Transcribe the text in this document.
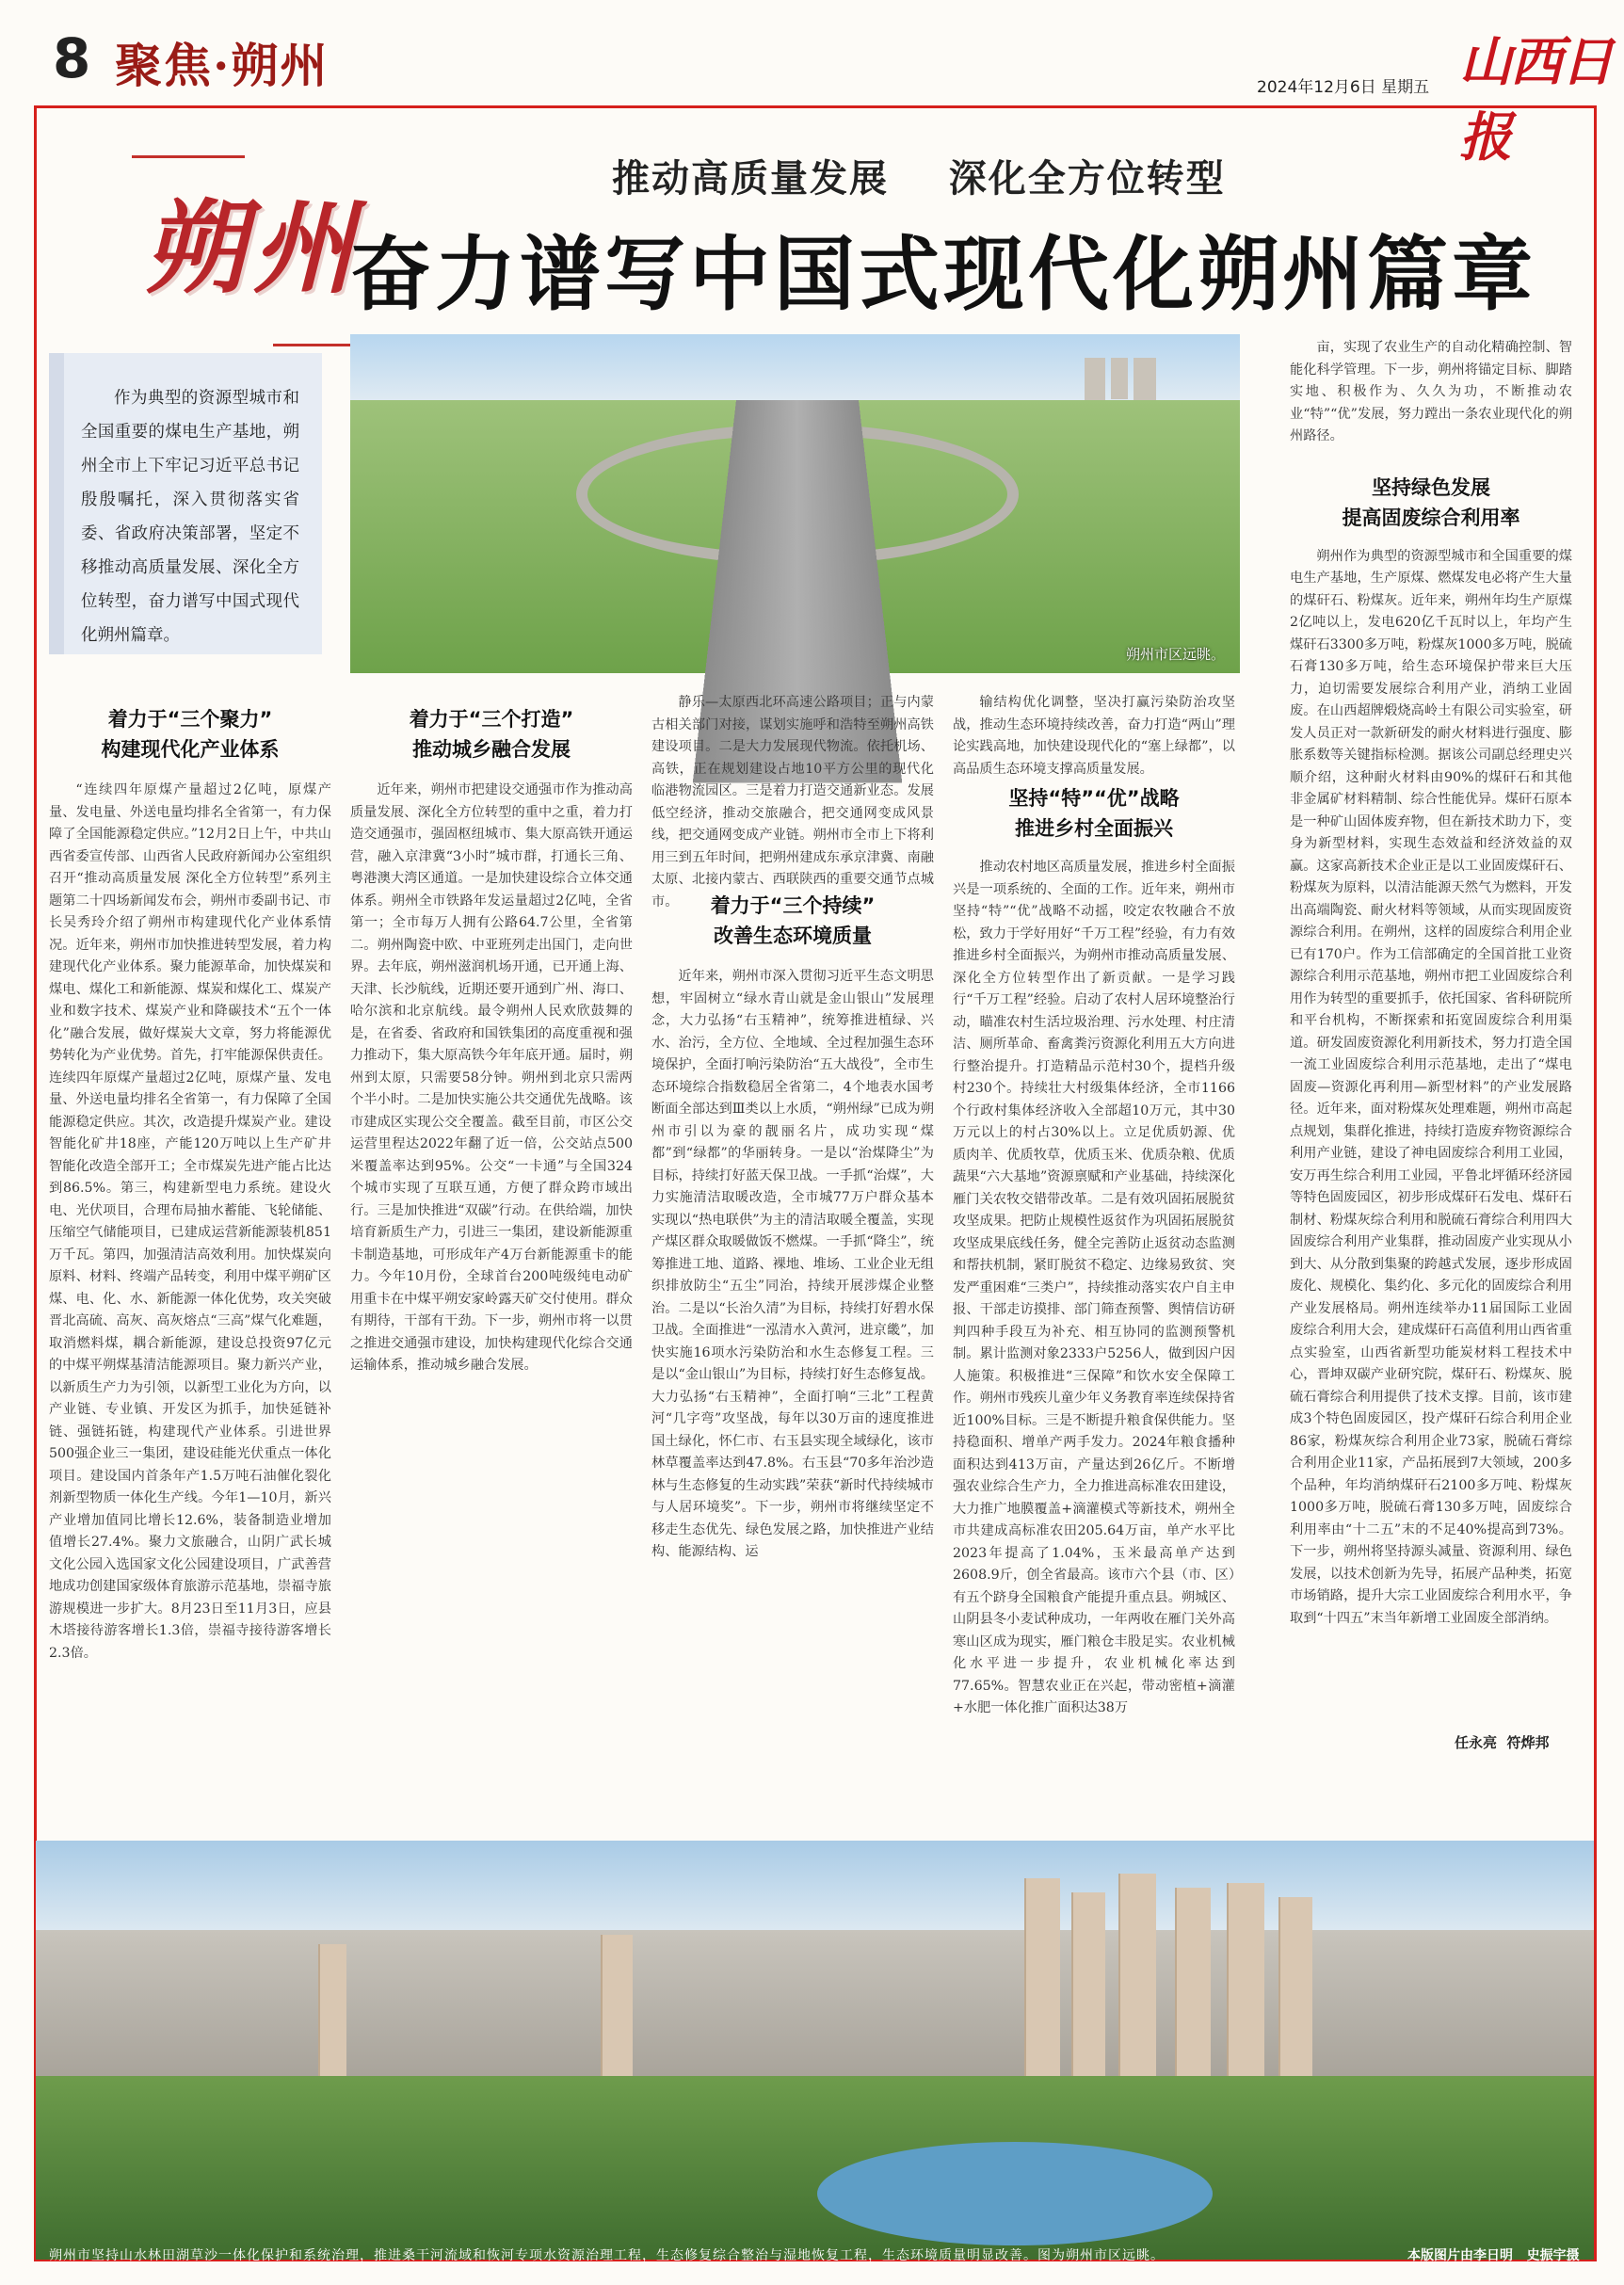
8 聚焦·朔州	2024年12月6日 星期五 山西日报
朔州
推动高质量发展    深化全方位转型
奋力谱写中国式现代化朔州篇章

作为典型的资源型城市和全国重要的煤电生产基地，朔州全市上下牢记习近平总书记殷殷嘱托，深入贯彻落实省委、省政府决策部署，坚定不移推动高质量发展、深化全方位转型，奋力谱写中国式现代化朔州篇章。

朔州市区远眺。
着力于“三个聚力”
构建现代化产业体系

“连续四年原煤产量超过2亿吨，原煤产量、发电量、外送电量均排名全省第一，有力保障了全国能源稳定供应。”12月2日上午，中共山西省委宣传部、山西省人民政府新闻办公室组织召开“推动高质量发展 深化全方位转型”系列主题第二十四场新闻发布会，朔州市委副书记、市长吴秀玲介绍了朔州市构建现代化产业体系情况。近年来，朔州市加快推进转型发展，着力构建现代化产业体系。聚力能源革命，加快煤炭和煤电、煤化工和新能源、煤炭和煤化工、煤炭产业和数字技术、煤炭产业和降碳技术“五个一体化”融合发展，做好煤炭大文章，努力将能源优势转化为产业优势。首先，打牢能源保供责任。连续四年原煤产量超过2亿吨，原煤产量、发电量、外送电量均排名全省第一，有力保障了全国能源稳定供应。其次，改造提升煤炭产业。建设智能化矿井18座，产能120万吨以上生产矿井智能化改造全部开工；全市煤炭先进产能占比达到86.5%。第三，构建新型电力系统。建设火电、光伏项目，合理布局抽水蓄能、飞轮储能、压缩空气储能项目，已建成运营新能源装机851万千瓦。第四，加强清洁高效利用。加快煤炭向原料、材料、终端产品转变，利用中煤平朔矿区煤、电、化、水、新能源一体化优势，攻关突破晋北高硫、高灰、高灰熔点“三高”煤气化难题，取消燃料煤，耦合新能源，建设总投资97亿元的中煤平朔煤基清洁能源项目。聚力新兴产业，以新质生产力为引领，以新型工业化为方向，以产业链、专业镇、开发区为抓手，加快延链补链、强链拓链，构建现代产业体系。引进世界500强企业三一集团，建设硅能光伏重点一体化项目。建设国内首条年产1.5万吨石油催化裂化剂新型物质一体化生产线。今年1—10月，新兴产业增加值同比增长12.6%，装备制造业增加值增长27.4%。聚力文旅融合，山阴广武长城文化公园入选国家文化公园建设项目，广武善营地成功创建国家级体育旅游示范基地，崇福寺旅游规模进一步扩大。8月23日至11月3日，应县木塔接待游客增长1.3倍，崇福寺接待游客增长2.3倍。

着力于“三个打造”
推动城乡融合发展

近年来，朔州市把建设交通强市作为推动高质量发展、深化全方位转型的重中之重，着力打造交通强市，强固枢纽城市、集大原高铁开通运营，融入京津冀“3小时”城市群，打通长三角、粤港澳大湾区通道。一是加快建设综合立体交通体系。朔州全市铁路年发运量超过2亿吨，全省第一；全市每万人拥有公路64.7公里，全省第二。朔州陶瓷中欧、中亚班列走出国门，走向世界。去年底，朔州滋润机场开通，已开通上海、天津、长沙航线，近期还要开通到广州、海口、哈尔滨和北京航线。最令朔州人民欢欣鼓舞的是，在省委、省政府和国铁集团的高度重视和强力推动下，集大原高铁今年年底开通。届时，朔州到太原，只需要58分钟。朔州到北京只需两个半小时。二是加快实施公共交通优先战略。该市建成区实现公交全覆盖。截至目前，市区公交运营里程达2022年翻了近一倍，公交站点500米覆盖率达到95%。公交“一卡通”与全国324个城市实现了互联互通，方便了群众跨市域出行。三是加快推进“双碳”行动。在供给端，加快培育新质生产力，引进三一集团，建设新能源重卡制造基地，可形成年产4万台新能源重卡的能力。今年10月份，全球首台200吨级纯电动矿用重卡在中煤平朔安家岭露天矿交付使用。群众有期待，干部有干劲。下一步，朔州市将一以贯之推进交通强市建设，加快构建现代化综合交通运输体系，推动城乡融合发展。

静乐—太原西北环高速公路项目；正与内蒙古相关部门对接，谋划实施呼和浩特至朔州高铁建设项目。二是大力发展现代物流。依托机场、高铁，正在规划建设占地10平方公里的现代化临港物流园区。三是着力打造交通新业态。发展低空经济，推动交旅融合，把交通网变成风景线，把交通网变成产业链。朔州市全市上下将利用三到五年时间，把朔州建成东承京津冀、南融太原、北接内蒙古、西联陕西的重要交通节点城市。	着力于“三个持续”
改善生态环境质量

近年来，朔州市深入贯彻习近平生态文明思想，牢固树立“绿水青山就是金山银山”发展理念，大力弘扬“右玉精神”，统筹推进植绿、兴水、治污，全方位、全地域、全过程加强生态环境保护，全面打响污染防治“五大战役”，全市生态环境综合指数稳居全省第二，4个地表水国考断面全部达到Ⅲ类以上水质，“朔州绿”已成为朔州市引以为豪的靓丽名片，成功实现“煤都”到“绿都”的华丽转身。一是以“治煤降尘”为目标，持续打好蓝天保卫战。一手抓“治煤”，大力实施清洁取暖改造，全市城77万户群众基本实现以“热电联供”为主的清洁取暖全覆盖，实现产煤区群众取暖做饭不燃煤。一手抓“降尘”，统筹推进工地、道路、裸地、堆场、工业企业无组织排放防尘“五尘”同治，持续开展涉煤企业整治。二是以“长治久清”为目标，持续打好碧水保卫战。全面推进“一泓清水入黄河，进京畿”，加快实施16项水污染防治和水生态修复工程。三是以“金山银山”为目标，持续打好生态修复战。大力弘扬“右玉精神”，全面打响“三北”工程黄河“几字弯”攻坚战，每年以30万亩的速度推进国土绿化，怀仁市、右玉县实现全域绿化，该市林草覆盖率达到47.8%。右玉县“70多年治沙造林与生态修复的生动实践”荣获“新时代持续城市与人居环境奖”。下一步，朔州市将继续坚定不移走生态优先、绿色发展之路，加快推进产业结构、能源结构、运

输结构优化调整，坚决打赢污染防治攻坚战，推动生态环境持续改善，奋力打造“两山”理论实践高地，加快建设现代化的“塞上绿都”，以高品质生态环境支撑高质量发展。

坚持“特”“优”战略
推进乡村全面振兴

推动农村地区高质量发展，推进乡村全面振兴是一项系统的、全面的工作。近年来，朔州市坚持“特”“优”战略不动摇，咬定农牧融合不放松，致力于学好用好“千万工程”经验，有力有效推进乡村全面振兴，为朔州市推动高质量发展、深化全方位转型作出了新贡献。一是学习践行“千万工程”经验。启动了农村人居环境整治行动，瞄准农村生活垃圾治理、污水处理、村庄清洁、厕所革命、畜禽粪污资源化利用五大方向进行整治提升。打造精品示范村30个，提档升级村230个。持续壮大村级集体经济，全市1166个行政村集体经济收入全部超10万元，其中30万元以上的村占30%以上。立足优质奶源、优质肉羊、优质牧草，优质玉米、优质杂粮、优质蔬果“六大基地”资源禀赋和产业基础，持续深化雁门关农牧交错带改革。二是有效巩固拓展脱贫攻坚成果。把防止规模性返贫作为巩固拓展脱贫攻坚成果底线任务，健全完善防止返贫动态监测和帮扶机制，紧盯脱贫不稳定、边缘易致贫、突发严重困难“三类户”，持续推动落实农户自主申报、干部走访摸排、部门筛查预警、舆情信访研判四种手段互为补充、相互协同的监测预警机制。累计监测对象2333户5256人，做到因户因人施策。积极推进“三保障”和饮水安全保障工作。朔州市残疾儿童少年义务教育率连续保持省近100%目标。三是不断提升粮食保供能力。坚持稳面积、增单产两手发力。2024年粮食播种面积达到413万亩，产量达到26亿斤。不断增强农业综合生产力，全力推进高标准农田建设，大力推广地膜覆盖+滴灌模式等新技术，朔州全市共建成高标准农田205.64万亩，单产水平比2023年提高了1.04%，玉米最高单产达到2608.9斤，创全省最高。该市六个县（市、区）有五个跻身全国粮食产能提升重点县。朔城区、山阴县冬小麦试种成功，一年两收在雁门关外高寒山区成为现实，雁门粮仓丰股足实。农业机械化水平进一步提升，农业机械化率达到77.65%。智慧农业正在兴起，带动密植+滴灌+水肥一体化推广面积达38万

亩，实现了农业生产的自动化精确控制、智能化科学管理。下一步，朔州将锚定目标、脚踏实地、积极作为、久久为功，不断推动农业“特”“优”发展，努力蹚出一条农业现代化的朔州路径。

坚持绿色发展
提高固废综合利用率

朔州作为典型的资源型城市和全国重要的煤电生产基地，生产原煤、燃煤发电必将产生大量的煤矸石、粉煤灰。近年来，朔州年均生产原煤2亿吨以上，发电620亿千瓦时以上，年均产生煤矸石3300多万吨，粉煤灰1000多万吨，脱硫石膏130多万吨，给生态环境保护带来巨大压力，迫切需要发展综合利用产业，消纳工业固废。在山西超牌煅烧高岭土有限公司实验室，研发人员正对一款新研发的耐火材料进行强度、膨胀系数等关键指标检测。据该公司副总经理史兴顺介绍，这种耐火材料由90%的煤矸石和其他非金属矿材料精制、综合性能优异。煤矸石原本是一种矿山固体废弃物，但在新技术助力下，变身为新型材料，实现生态效益和经济效益的双赢。这家高新技术企业正是以工业固废煤矸石、粉煤灰为原料，以清洁能源天然气为燃料，开发出高端陶瓷、耐火材料等领域，从而实现固废资源综合利用。在朔州，这样的固废综合利用企业已有170户。作为工信部确定的全国首批工业资源综合利用示范基地，朔州市把工业固废综合利用作为转型的重要抓手，依托国家、省科研院所和平台机构，不断探索和拓宽固废综合利用渠道。研发固废资源化利用新技术，努力打造全国一流工业固废综合利用示范基地，走出了“煤电固废—资源化再利用—新型材料”的产业发展路径。近年来，面对粉煤灰处理难题，朔州市高起点规划，集群化推进，持续打造废弃物资源综合利用产业链，建设了神电固废综合利用工业园，安万再生综合利用工业园，平鲁北坪循环经济园等特色固废园区，初步形成煤矸石发电、煤矸石制材、粉煤灰综合利用和脱硫石膏综合利用四大固废综合利用产业集群，推动固废产业实现从小到大、从分散到集聚的跨越式发展，逐步形成固废化、规模化、集约化、多元化的固废综合利用产业发展格局。朔州连续举办11届国际工业固废综合利用大会，建成煤矸石高值利用山西省重点实验室，山西省新型功能炭材料工程技术中心，晋坤双碳产业研究院，煤矸石、粉煤灰、脱硫石膏综合利用提供了技术支撑。目前，该市建成3个特色固废园区，投产煤矸石综合利用企业86家，粉煤灰综合利用企业73家，脱硫石膏综合利用企业11家，产品拓展到7大领域，200多个品种，年均消纳煤矸石2100多万吨、粉煤灰1000多万吨，脱硫石膏130多万吨，固废综合利用率由“十二五”末的不足40%提高到73%。下一步，朔州将坚持源头减量、资源利用、绿色发展，以技术创新为先导，拓展产品种类，拓宽市场销路，提升大宗工业固废综合利用水平，争取到“十四五”末当年新增工业固废全部消纳。

任永亮  符烨邦
朔州市坚持山水林田湖草沙一体化保护和系统治理，推进桑干河流域和恢河专项水资源治理工程，生态修复综合整治与湿地恢复工程，生态环境质量明显改善。图为朔州市区远眺。	本版图片由李日明   史振宇摄
